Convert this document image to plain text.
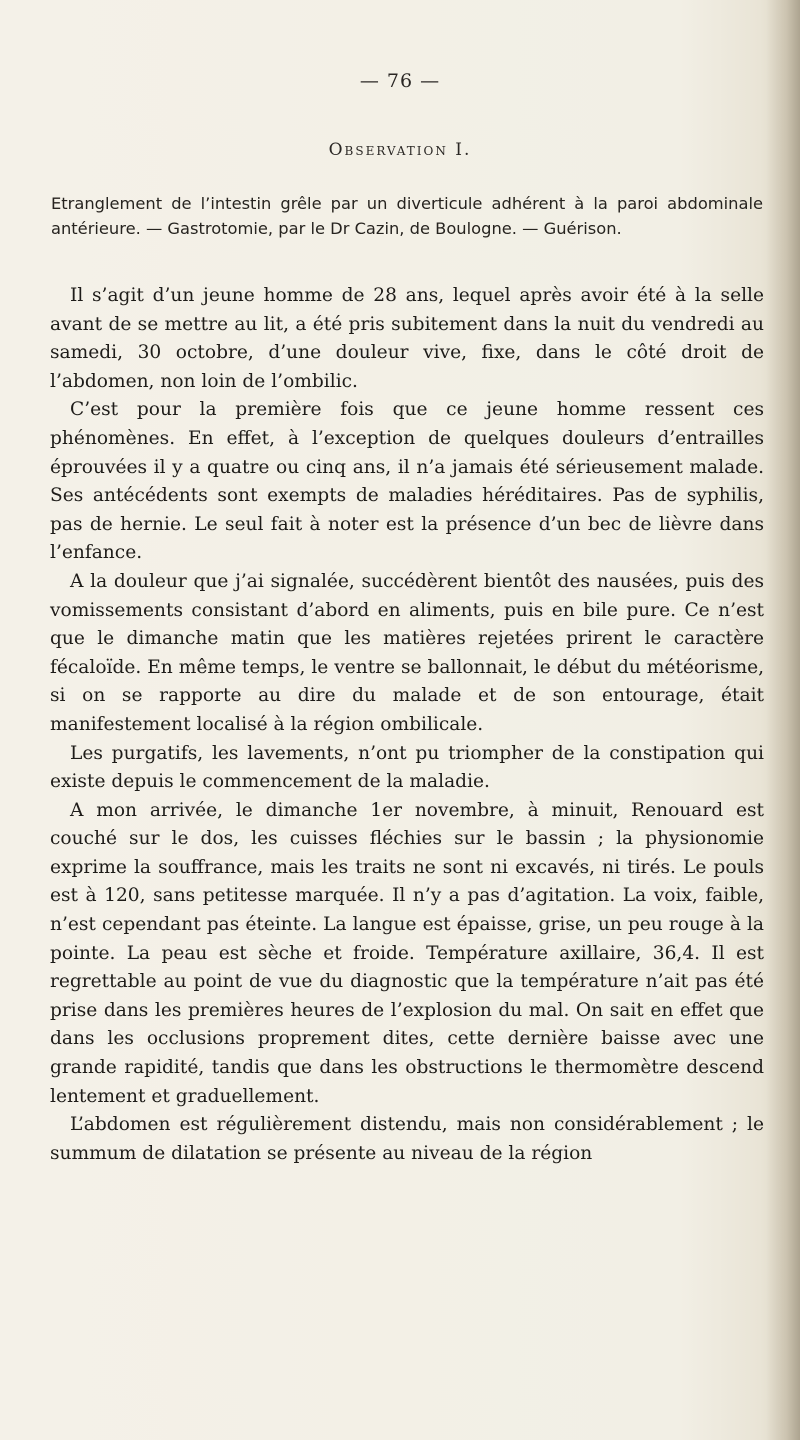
— 76 —
Observation I.

Etranglement de l’intestin grêle par un diverticule adhérent à la paroi abdominale antérieure. — Gastrotomie, par le Dr Cazin, de Boulogne. — Guérison.

Il s’agit d’un jeune homme de 28 ans, lequel après avoir été à la selle avant de se mettre au lit, a été pris subitement dans la nuit du vendredi au samedi, 30 octobre, d’une douleur vive, fixe, dans le côté droit de l’abdomen, non loin de l’ombilic.

C’est pour la première fois que ce jeune homme ressent ces phénomènes. En effet, à l’exception de quelques douleurs d’entrailles éprouvées il y a quatre ou cinq ans, il n’a jamais été sérieusement malade. Ses antécédents sont exempts de maladies héréditaires. Pas de syphilis, pas de hernie. Le seul fait à noter est la présence d’un bec de lièvre dans l’enfance.

A la douleur que j’ai signalée, succédèrent bientôt des nausées, puis des vomissements consistant d’abord en aliments, puis en bile pure. Ce n’est que le dimanche matin que les matières rejetées prirent le caractère fécaloïde. En même temps, le ventre se ballonnait, le début du météorisme, si on se rapporte au dire du malade et de son entourage, était manifestement localisé à la région ombilicale.

Les purgatifs, les lavements, n’ont pu triompher de la constipation qui existe depuis le commencement de la maladie.

A mon arrivée, le dimanche 1er novembre, à minuit, Renouard est couché sur le dos, les cuisses fléchies sur le bassin ; la physionomie exprime la souffrance, mais les traits ne sont ni excavés, ni tirés. Le pouls est à 120, sans petitesse marquée. Il n’y a pas d’agitation. La voix, faible, n’est cependant pas éteinte. La langue est épaisse, grise, un peu rouge à la pointe. La peau est sèche et froide. Température axillaire, 36,4. Il est regrettable au point de vue du diagnostic que la température n’ait pas été prise dans les premières heures de l’explosion du mal. On sait en effet que dans les occlusions proprement dites, cette dernière baisse avec une grande rapidité, tandis que dans les obstructions le thermomètre descend lentement et graduellement.

L’abdomen est régulièrement distendu, mais non considérablement ; le summum de dilatation se présente au niveau de la région
